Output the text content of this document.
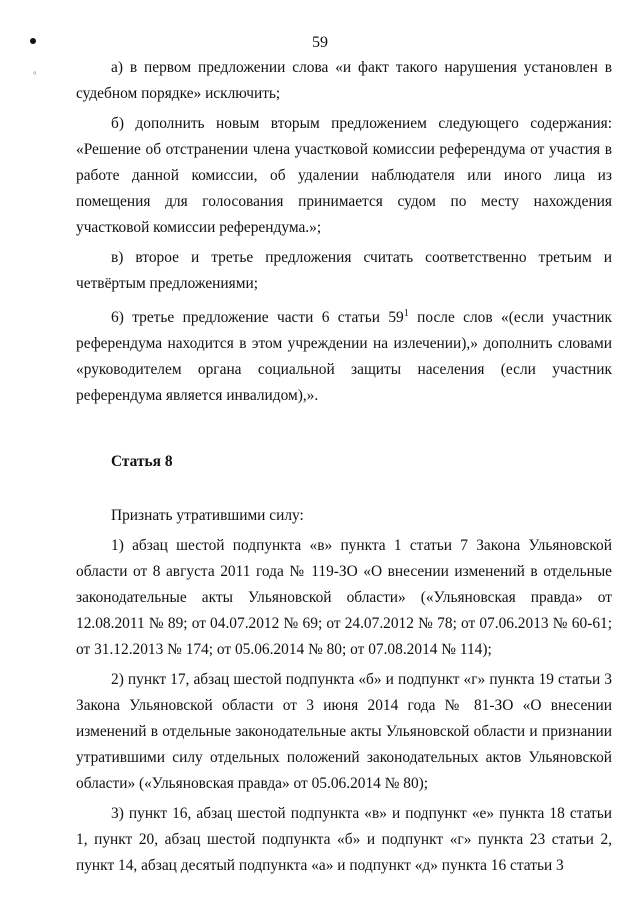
°
59

а) в первом предложении слова «и факт такого нарушения установлен в судебном порядке» исключить;

б) дополнить новым вторым предложением следующего содержания: «Решение об отстранении члена участковой комиссии референдума от участия в работе данной комиссии, об удалении наблюдателя или иного лица из помещения для голосования принимается судом по месту нахождения участковой комиссии референдума.»;

в) второе и третье предложения считать соответственно третьим и четвёртым предложениями;

6) третье предложение части 6 статьи $59^1$ после слов «(если участник референдума находится в этом учреждении на излечении),» дополнить словами «руководителем органа социальной защиты населения (если участник референдума является инвалидом),».

Статья 8

Признать утратившими силу:

1) абзац шестой подпункта «в» пункта 1 статьи 7 Закона Ульяновской области от 8 августа 2011 года № 119-ЗО «О внесении изменений в отдельные законодательные акты Ульяновской области» («Ульяновская правда» от 12.08.2011 № 89; от 04.07.2012 № 69; от 24.07.2012 № 78; от 07.06.2013 № 60-61; от 31.12.2013 № 174; от 05.06.2014 № 80; от 07.08.2014 № 114);

2) пункт 17, абзац шестой подпункта «б» и подпункт «г» пункта 19 статьи 3 Закона Ульяновской области от 3 июня 2014 года № 81-ЗО «О внесении изменений в отдельные законодательные акты Ульяновской области и признании утратившими силу отдельных положений законодательных актов Ульяновской области» («Ульяновская правда» от 05.06.2014 № 80);

3) пункт 16, абзац шестой подпункта «в» и подпункт «е» пункта 18 статьи 1, пункт 20, абзац шестой подпункта «б» и подпункт «г» пункта 23 статьи 2, пункт 14, абзац десятый подпункта «а» и подпункт «д» пункта 16 статьи 3
